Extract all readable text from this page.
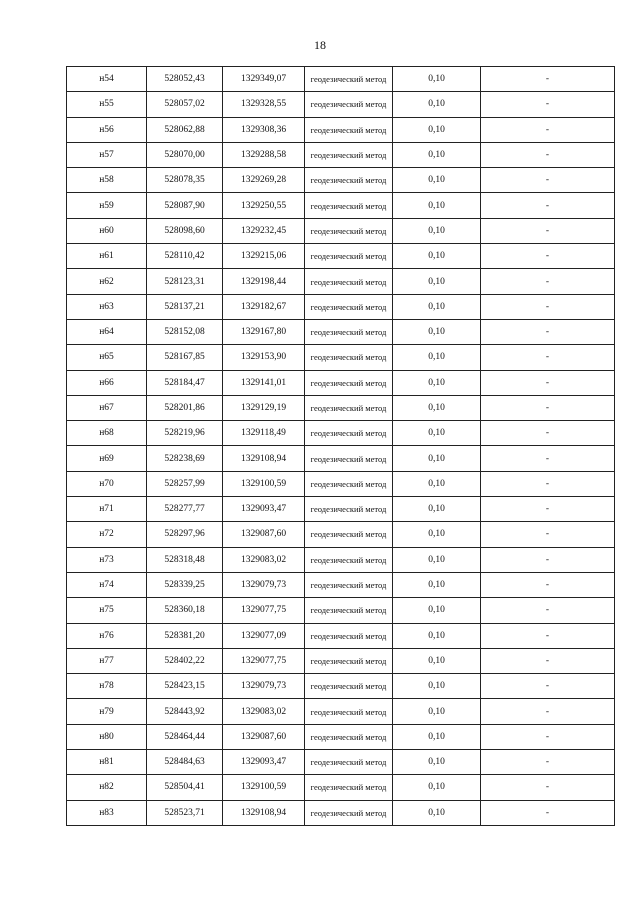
18
н54	528052,43	1329349,07	геодезический метод	0,10	-
н55	528057,02	1329328,55	геодезический метод	0,10	-
н56	528062,88	1329308,36	геодезический метод	0,10	-
н57	528070,00	1329288,58	геодезический метод	0,10	-
н58	528078,35	1329269,28	геодезический метод	0,10	-
н59	528087,90	1329250,55	геодезический метод	0,10	-
н60	528098,60	1329232,45	геодезический метод	0,10	-
н61	528110,42	1329215,06	геодезический метод	0,10	-
н62	528123,31	1329198,44	геодезический метод	0,10	-
н63	528137,21	1329182,67	геодезический метод	0,10	-
н64	528152,08	1329167,80	геодезический метод	0,10	-
н65	528167,85	1329153,90	геодезический метод	0,10	-
н66	528184,47	1329141,01	геодезический метод	0,10	-
н67	528201,86	1329129,19	геодезический метод	0,10	-
н68	528219,96	1329118,49	геодезический метод	0,10	-
н69	528238,69	1329108,94	геодезический метод	0,10	-
н70	528257,99	1329100,59	геодезический метод	0,10	-
н71	528277,77	1329093,47	геодезический метод	0,10	-
н72	528297,96	1329087,60	геодезический метод	0,10	-
н73	528318,48	1329083,02	геодезический метод	0,10	-
н74	528339,25	1329079,73	геодезический метод	0,10	-
н75	528360,18	1329077,75	геодезический метод	0,10	-
н76	528381,20	1329077,09	геодезический метод	0,10	-
н77	528402,22	1329077,75	геодезический метод	0,10	-
н78	528423,15	1329079,73	геодезический метод	0,10	-
н79	528443,92	1329083,02	геодезический метод	0,10	-
н80	528464,44	1329087,60	геодезический метод	0,10	-
н81	528484,63	1329093,47	геодезический метод	0,10	-
н82	528504,41	1329100,59	геодезический метод	0,10	-
н83	528523,71	1329108,94	геодезический метод	0,10	-
